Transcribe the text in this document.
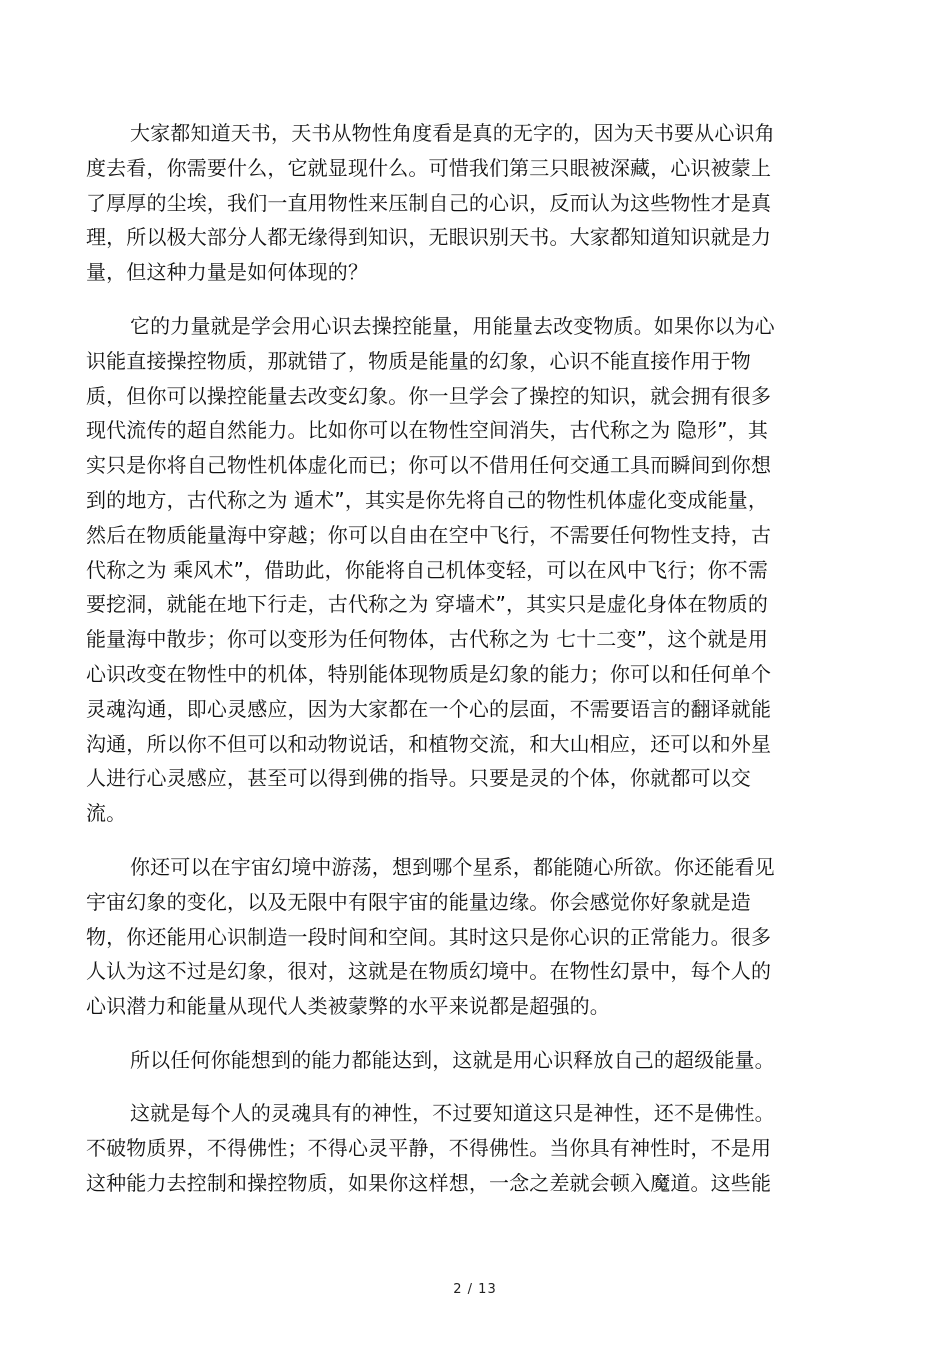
大家都知道天书，天书从物性角度看是真的无字的，因为天书要从心识角
度去看，你需要什么，它就显现什么。可惜我们第三只眼被深藏，心识被蒙上
了厚厚的尘埃，我们一直用物性来压制自己的心识，反而认为这些物性才是真
理，所以极大部分人都无缘得到知识，无眼识别天书。大家都知道知识就是力
量，但这种力量是如何体现的？
它的力量就是学会用心识去操控能量，用能量去改变物质。如果你以为心
识能直接操控物质，那就错了，物质是能量的幻象，心识不能直接作用于物
质，但你可以操控能量去改变幻象。你一旦学会了操控的知识，就会拥有很多
现代流传的超自然能力。比如你可以在物性空间消失，古代称之为 隐形”，其
实只是你将自己物性机体虚化而已；你可以不借用任何交通工具而瞬间到你想
到的地方，古代称之为 遁术”，其实是你先将自己的物性机体虚化变成能量，
然后在物质能量海中穿越；你可以自由在空中飞行，不需要任何物性支持，古
代称之为 乘风术”，借助此，你能将自己机体变轻，可以在风中飞行；你不需
要挖洞，就能在地下行走，古代称之为 穿墙术”，其实只是虚化身体在物质的
能量海中散步；你可以变形为任何物体，古代称之为 七十二变”，这个就是用
心识改变在物性中的机体，特别能体现物质是幻象的能力；你可以和任何单个
灵魂沟通，即心灵感应，因为大家都在一个心的层面，不需要语言的翻译就能
沟通，所以你不但可以和动物说话，和植物交流，和大山相应，还可以和外星
人进行心灵感应，甚至可以得到佛的指导。只要是灵的个体，你就都可以交
流。
你还可以在宇宙幻境中游荡，想到哪个星系，都能随心所欲。你还能看见
宇宙幻象的变化，以及无限中有限宇宙的能量边缘。你会感觉你好象就是造
物，你还能用心识制造一段时间和空间。其时这只是你心识的正常能力。很多
人认为这不过是幻象，很对，这就是在物质幻境中。在物性幻景中，每个人的
心识潜力和能量从现代人类被蒙弊的水平来说都是超强的。
所以任何你能想到的能力都能达到，这就是用心识释放自己的超级能量。
这就是每个人的灵魂具有的神性，不过要知道这只是神性，还不是佛性。
不破物质界，不得佛性；不得心灵平静，不得佛性。当你具有神性时，不是用
这种能力去控制和操控物质，如果你这样想，一念之差就会顿入魔道。这些能
2 / 13
